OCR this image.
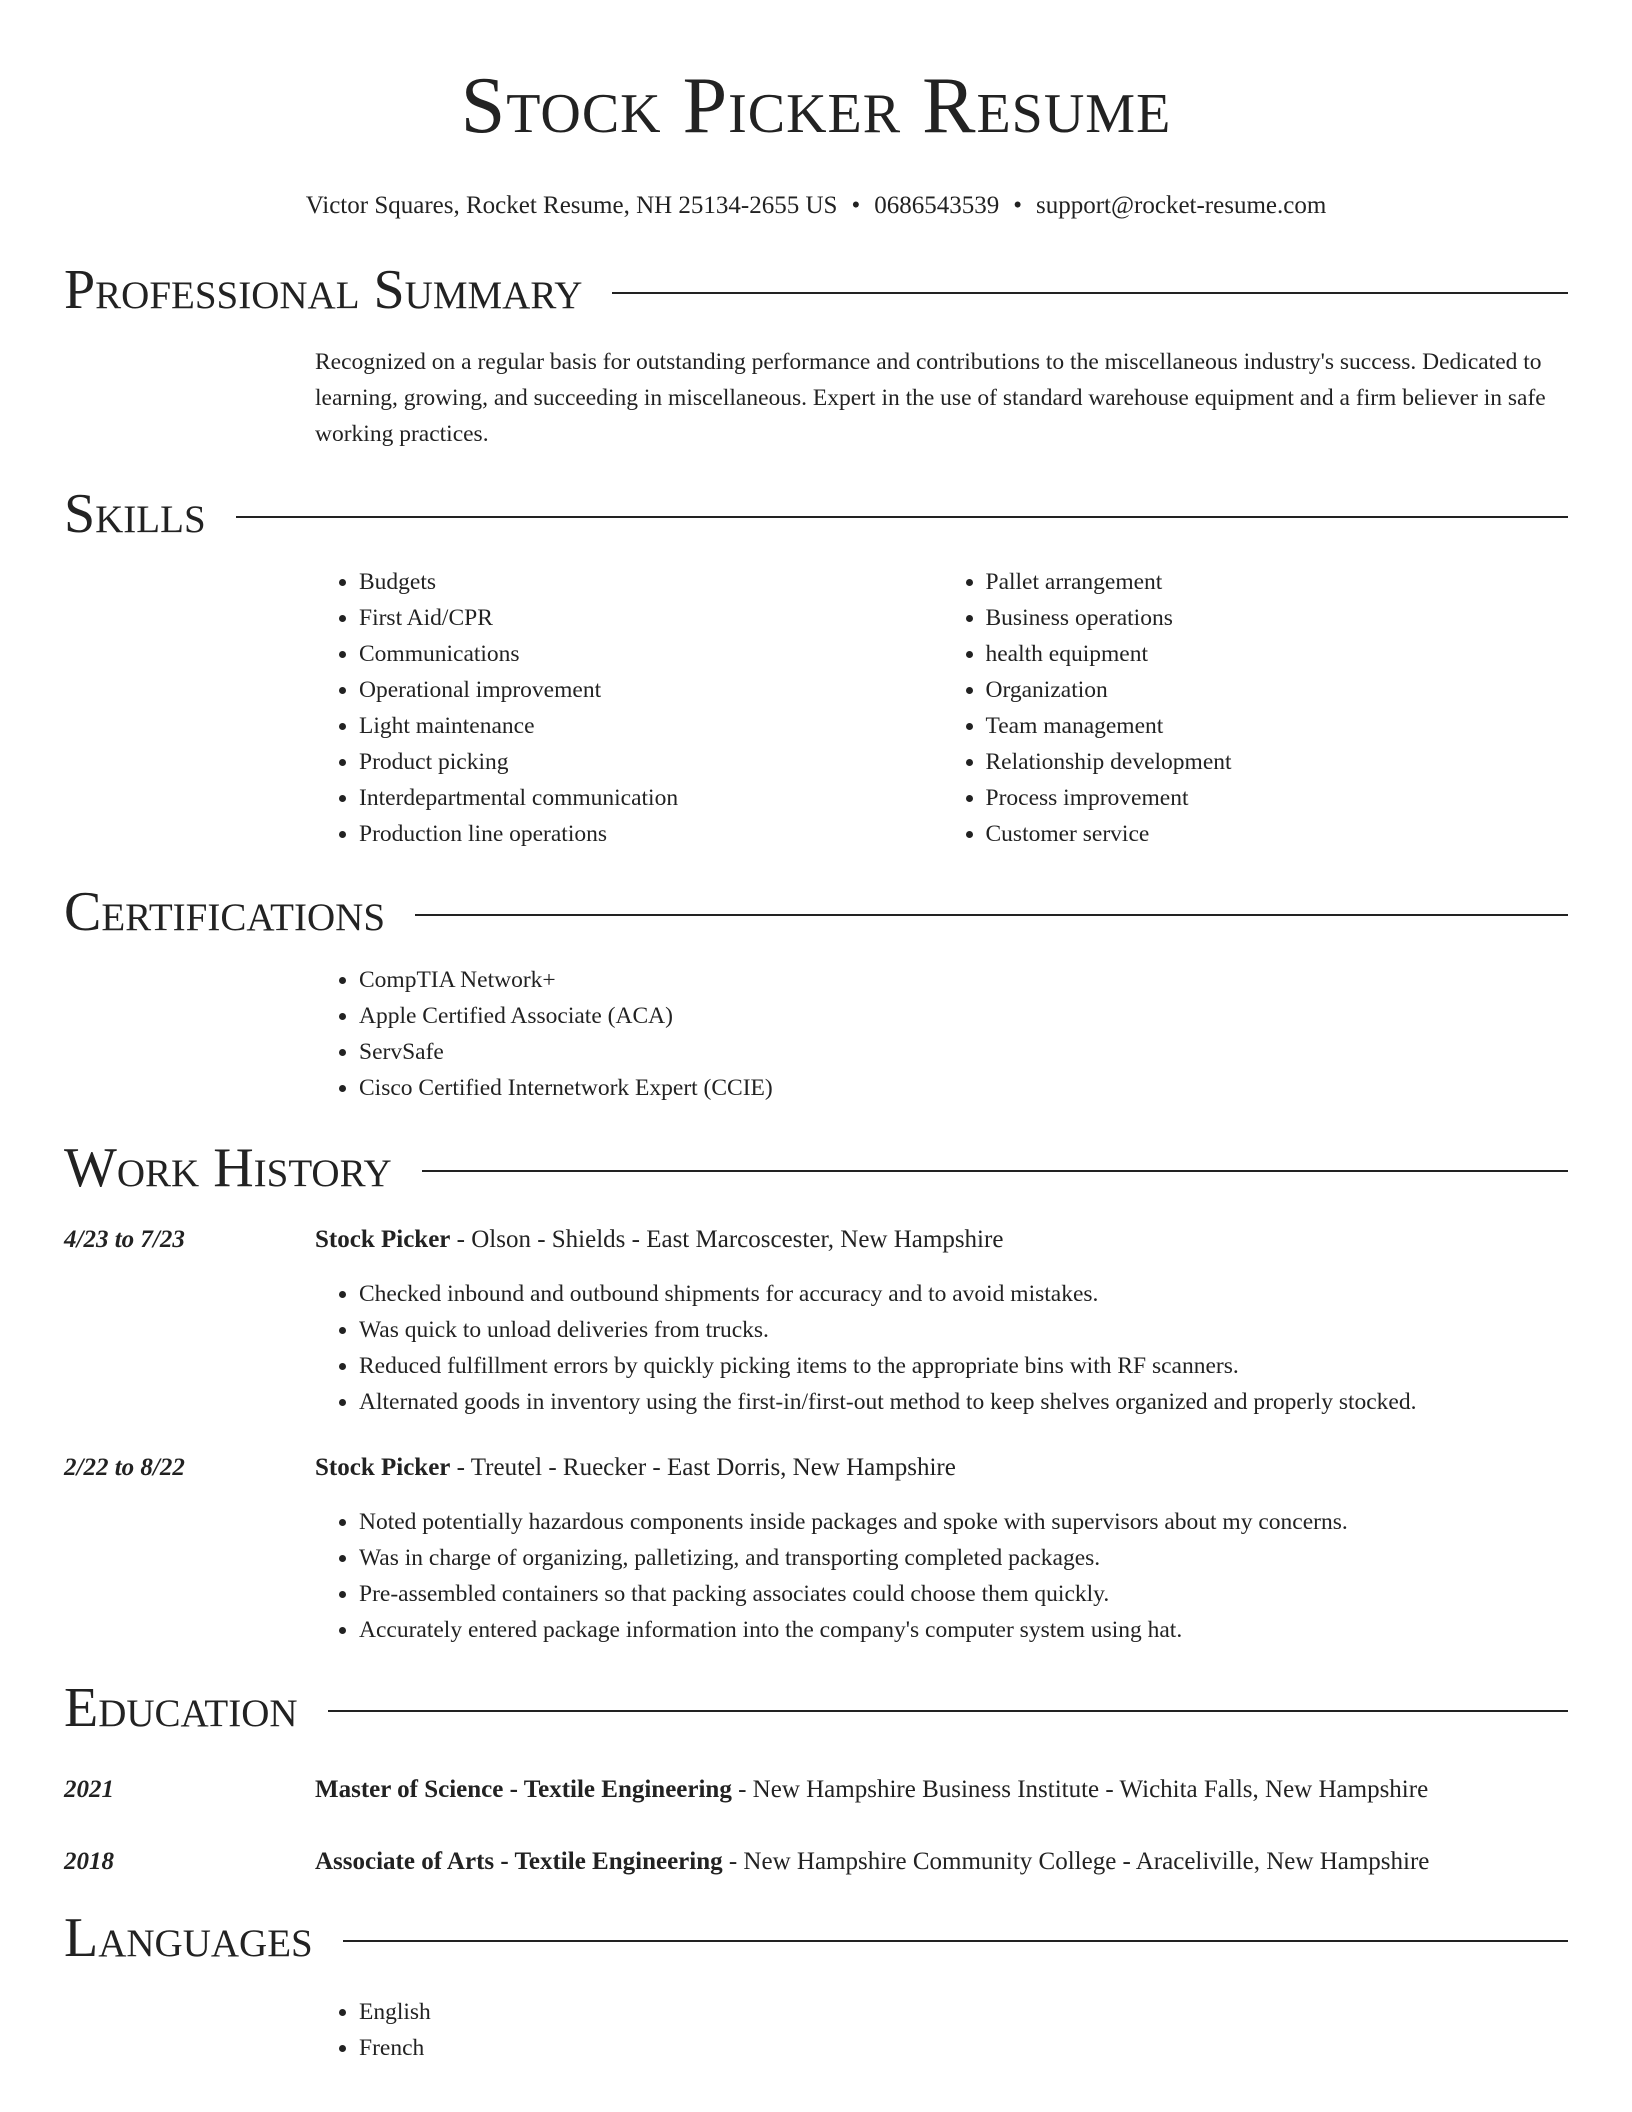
Stock Picker Resume
Victor Squares, Rocket Resume, NH 25134-2655 US • 0686543539 • support@rocket-resume.com
Professional Summary
Recognized on a regular basis for outstanding performance and contributions to the miscellaneous industry's success. Dedicated to learning, growing, and succeeding in miscellaneous. Expert in the use of standard warehouse equipment and a firm believer in safe working practices.
Skills
• Budgets
• First Aid/CPR
• Communications
• Operational improvement
• Light maintenance
• Product picking
• Interdepartmental communication
• Production line operations
• Pallet arrangement
• Business operations
• health equipment
• Organization
• Team management
• Relationship development
• Process improvement
• Customer service
Certifications
• CompTIA Network+
• Apple Certified Associate (ACA)
• ServSafe
• Cisco Certified Internetwork Expert (CCIE)
Work History
4/23 to 7/23	Stock Picker - Olson - Shields - East Marcoscester, New Hampshire
• Checked inbound and outbound shipments for accuracy and to avoid mistakes.
• Was quick to unload deliveries from trucks.
• Reduced fulfillment errors by quickly picking items to the appropriate bins with RF scanners.
• Alternated goods in inventory using the first-in/first-out method to keep shelves organized and properly stocked.
2/22 to 8/22	Stock Picker - Treutel - Ruecker - East Dorris, New Hampshire
• Noted potentially hazardous components inside packages and spoke with supervisors about my concerns.
• Was in charge of organizing, palletizing, and transporting completed packages.
• Pre-assembled containers so that packing associates could choose them quickly.
• Accurately entered package information into the company's computer system using hat.
Education
2021	Master of Science - Textile Engineering - New Hampshire Business Institute - Wichita Falls, New Hampshire
2018	Associate of Arts - Textile Engineering - New Hampshire Community College - Araceliville, New Hampshire
Languages
• English
• French
